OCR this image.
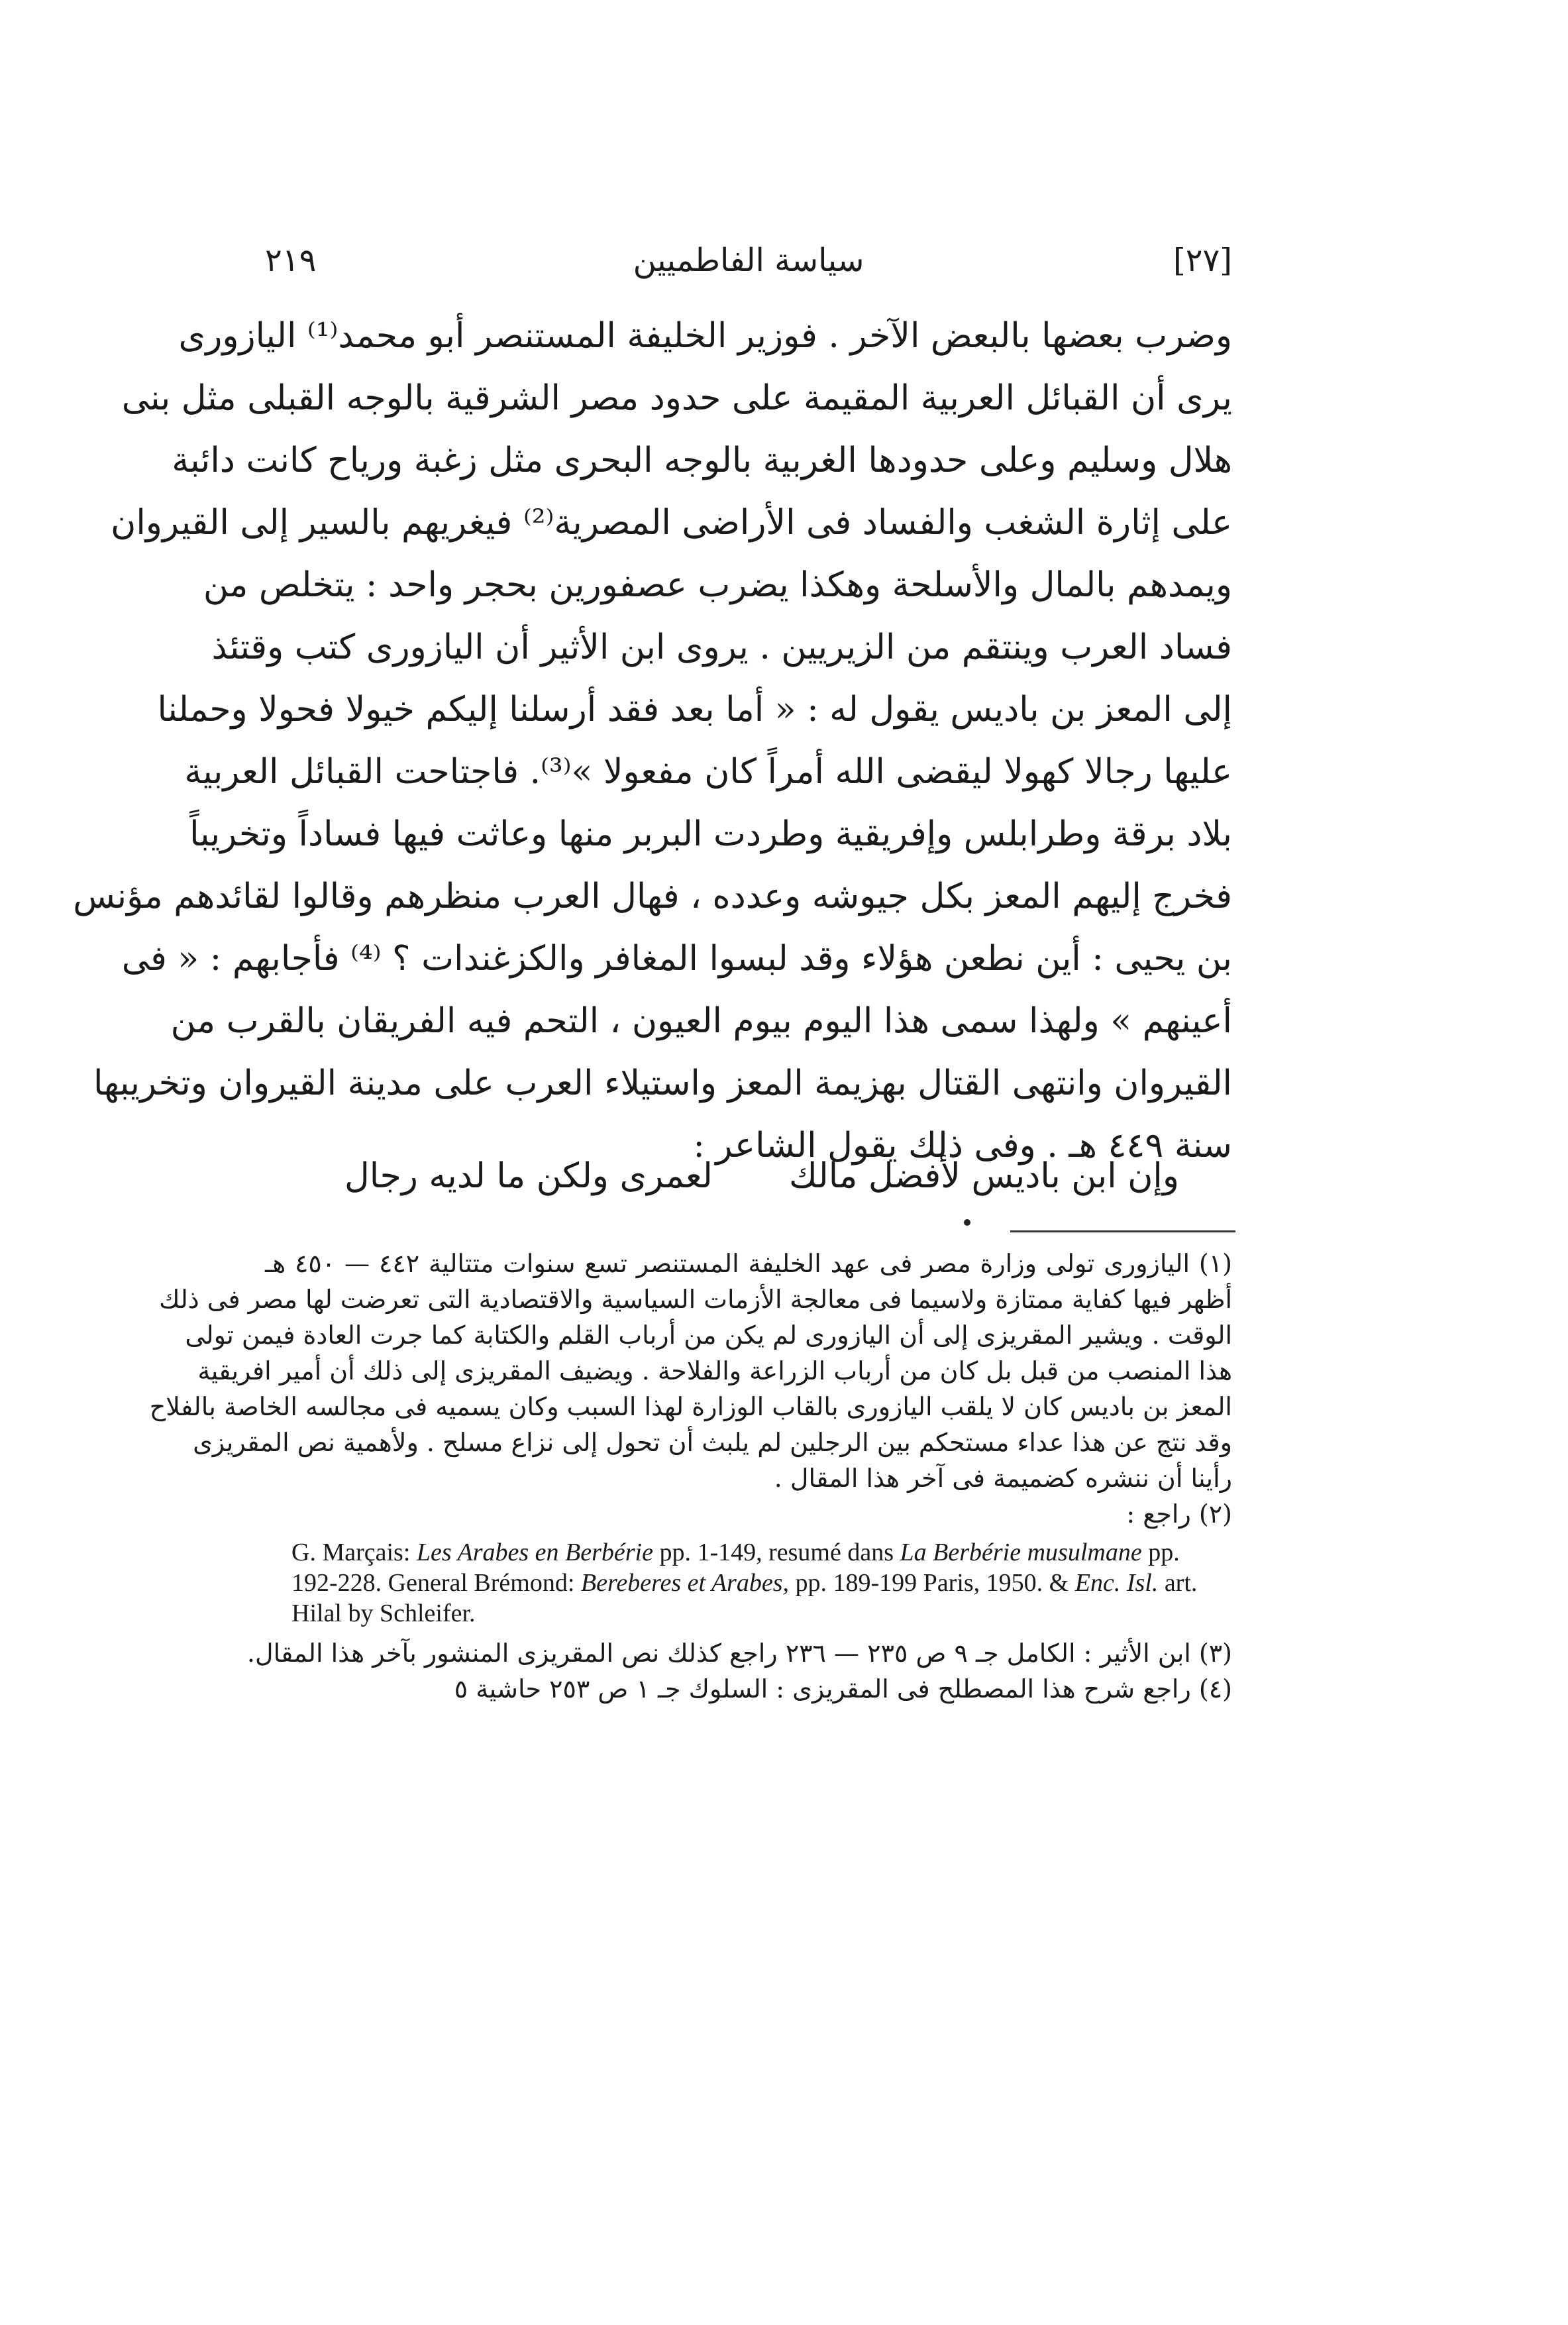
٢١٩	سياسة الفاطميين	[٢٧]
وضرب بعضها بالبعض الآخر . فوزير الخليفة المستنصر أبو محمد⁽¹⁾ اليازورى
يرى أن القبائل العربية المقيمة على حدود مصر الشرقية بالوجه القبلى مثل بنى
هلال وسليم وعلى حدودها الغربية بالوجه البحرى مثل زغبة ورياح كانت دائبة
على إثارة الشغب والفساد فى الأراضى المصرية⁽²⁾ فيغريهم بالسير إلى القيروان
ويمدهم بالمال والأسلحة وهكذا يضرب عصفورين بحجر واحد : يتخلص من
فساد العرب وينتقم من الزيريين . يروى ابن الأثير أن اليازورى كتب وقتئذ
إلى المعز بن باديس يقول له : « أما بعد فقد أرسلنا إليكم خيولا فحولا وحملنا
عليها رجالا كهولا ليقضى الله أمراً كان مفعولا »⁽³⁾. فاجتاحت القبائل العربية
بلاد برقة وطرابلس وإفريقية وطردت البربر منها وعاثت فيها فساداً وتخريباً
فخرج إليهم المعز بكل جيوشه وعدده ، فهال العرب منظرهم وقالوا لقائدهم مؤنس
بن يحيى : أين نطعن هؤلاء وقد لبسوا المغافر والكزغندات ؟ ⁽⁴⁾ فأجابهم : « فى
أعينهم » ولهذا سمى هذا اليوم بيوم العيون ، التحم فيه الفريقان بالقرب من
القيروان وانتهى القتال بهزيمة المعز واستيلاء العرب على مدينة القيروان وتخريبها
سنة ٤٤٩ هـ . وفى ذلك يقول الشاعر :
وإن ابن باديس لأفضل مالك
لعمرى ولكن ما لديه رجال
(١) اليازورى تولى وزارة مصر فى عهد الخليفة المستنصر تسع سنوات متتالية ٤٤٢ — ٤٥٠ هـ
أظهر فيها كفاية ممتازة ولاسيما فى معالجة الأزمات السياسية والاقتصادية التى تعرضت لها مصر فى ذلك
الوقت . ويشير المقريزى إلى أن اليازورى لم يكن من أرباب القلم والكتابة كما جرت العادة فيمن تولى
هذا المنصب من قبل بل كان من أرباب الزراعة والفلاحة . ويضيف المقريزى إلى ذلك أن أمير افريقية
المعز بن باديس كان لا يلقب اليازورى بالقاب الوزارة لهذا السبب وكان يسميه فى مجالسه الخاصة بالفلاح
وقد نتج عن هذا عداء مستحكم بين الرجلين لم يلبث أن تحول إلى نزاع مسلح . ولأهمية نص المقريزى
رأينا أن ننشره كضميمة فى آخر هذا المقال .
(٢) راجع :
G. Marçais: Les Arabes en Berbérie pp. 1-149, resumé dans La Berbérie musulmane pp.
192-228. General Brémond: Bereberes et Arabes, pp. 189-199 Paris, 1950. & Enc. Isl. art.
Hilal by Schleifer.
(٣) ابن الأثير : الكامل جـ ٩ ص ٢٣٥ — ٢٣٦ راجع كذلك نص المقريزى المنشور بآخر هذا المقال.
(٤) راجع شرح هذا المصطلح فى المقريزى : السلوك جـ ١ ص ٢٥٣ حاشية ٥
